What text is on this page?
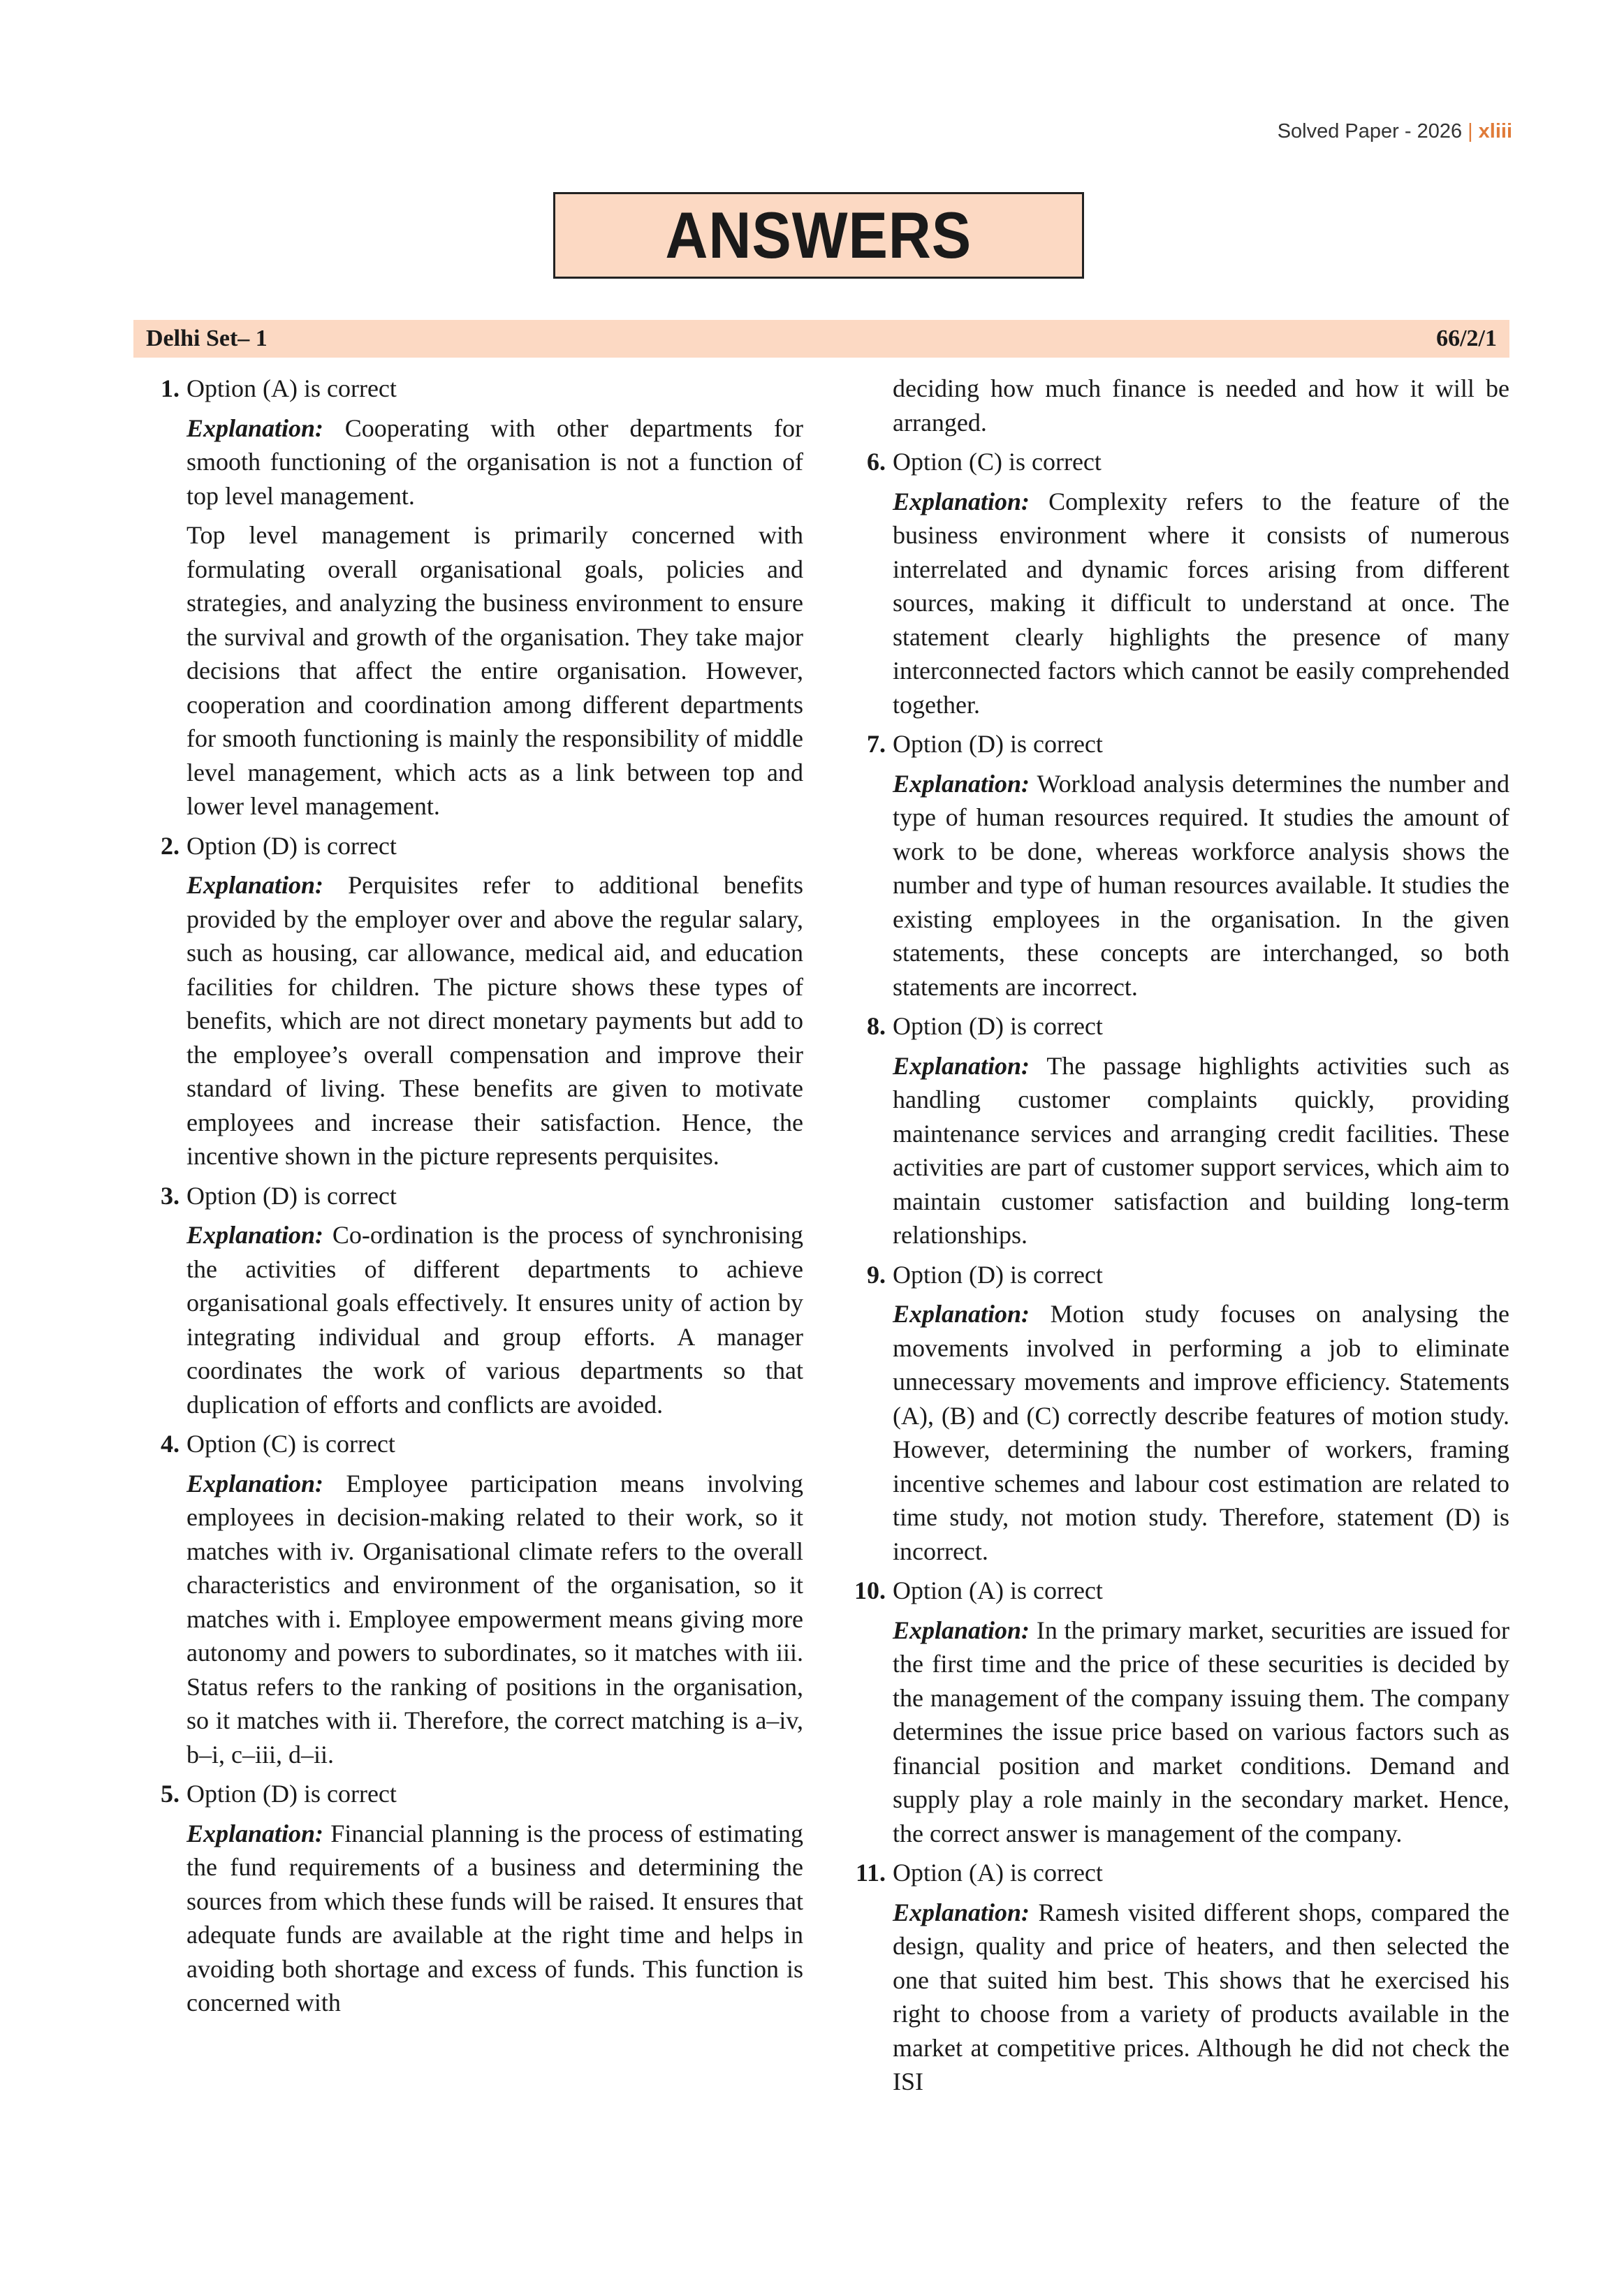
Solved Paper - 2026 | xliii
ANSWERS
Delhi Set– 1	66/2/1
1. Option (A) is correct

Explanation: Cooperating with other departments for smooth functioning of the organisation is not a function of top level management.

Top level management is primarily concerned with formulating overall organisational goals, policies and strategies, and analyzing the business environment to ensure the survival and growth of the organisation. They take major decisions that affect the entire organisation. However, cooperation and coordination among different departments for smooth functioning is mainly the responsibility of middle level management, which acts as a link between top and lower level management.

2. Option (D) is correct

Explanation: Perquisites refer to additional benefits provided by the employer over and above the regular salary, such as housing, car allowance, medical aid, and education facilities for children. The picture shows these types of benefits, which are not direct monetary payments but add to the employee’s overall compensation and improve their standard of living. These benefits are given to motivate employees and increase their satisfaction. Hence, the incentive shown in the picture represents perquisites.

3. Option (D) is correct

Explanation: Co-ordination is the process of synchronising the activities of different departments to achieve organisational goals effectively. It ensures unity of action by integrating individual and group efforts. A manager coordinates the work of various departments so that duplication of efforts and conflicts are avoided.

4. Option (C) is correct

Explanation: Employee participation means involving employees in decision-making related to their work, so it matches with iv. Organisational climate refers to the overall characteristics and environment of the organisation, so it matches with i. Employee empowerment means giving more autonomy and powers to subordinates, so it matches with iii. Status refers to the ranking of positions in the organisation, so it matches with ii. Therefore, the correct matching is a–iv, b–i, c–iii, d–ii.

5. Option (D) is correct

Explanation: Financial planning is the process of estimating the fund requirements of a business and determining the sources from which these funds will be raised. It ensures that adequate funds are available at the right time and helps in avoiding both shortage and excess of funds. This function is concerned with

deciding how much finance is needed and how it will be arranged.

6. Option (C) is correct

Explanation: Complexity refers to the feature of the business environment where it consists of numerous interrelated and dynamic forces arising from different sources, making it difficult to understand at once. The statement clearly highlights the presence of many interconnected factors which cannot be easily comprehended together.

7. Option (D) is correct

Explanation: Workload analysis determines the number and type of human resources required. It studies the amount of work to be done, whereas workforce analysis shows the number and type of human resources available. It studies the existing employees in the organisation. In the given statements, these concepts are interchanged, so both statements are incorrect.

8. Option (D) is correct

Explanation: The passage highlights activities such as handling customer complaints quickly, providing maintenance services and arranging credit facilities. These activities are part of customer support services, which aim to maintain customer satisfaction and building long-term relationships.

9. Option (D) is correct

Explanation: Motion study focuses on analysing the movements involved in performing a job to eliminate unnecessary movements and improve efficiency. Statements (A), (B) and (C) correctly describe features of motion study. However, determining the number of workers, framing incentive schemes and labour cost estimation are related to time study, not motion study. Therefore, statement (D) is incorrect.

10. Option (A) is correct

Explanation: In the primary market, securities are issued for the first time and the price of these securities is decided by the management of the company issuing them. The company determines the issue price based on various factors such as financial position and market conditions. Demand and supply play a role mainly in the secondary market. Hence, the correct answer is management of the company.

11. Option (A) is correct

Explanation: Ramesh visited different shops, compared the design, quality and price of heaters, and then selected the one that suited him best. This shows that he exercised his right to choose from a variety of products available in the market at competitive prices. Although he did not check the ISI
